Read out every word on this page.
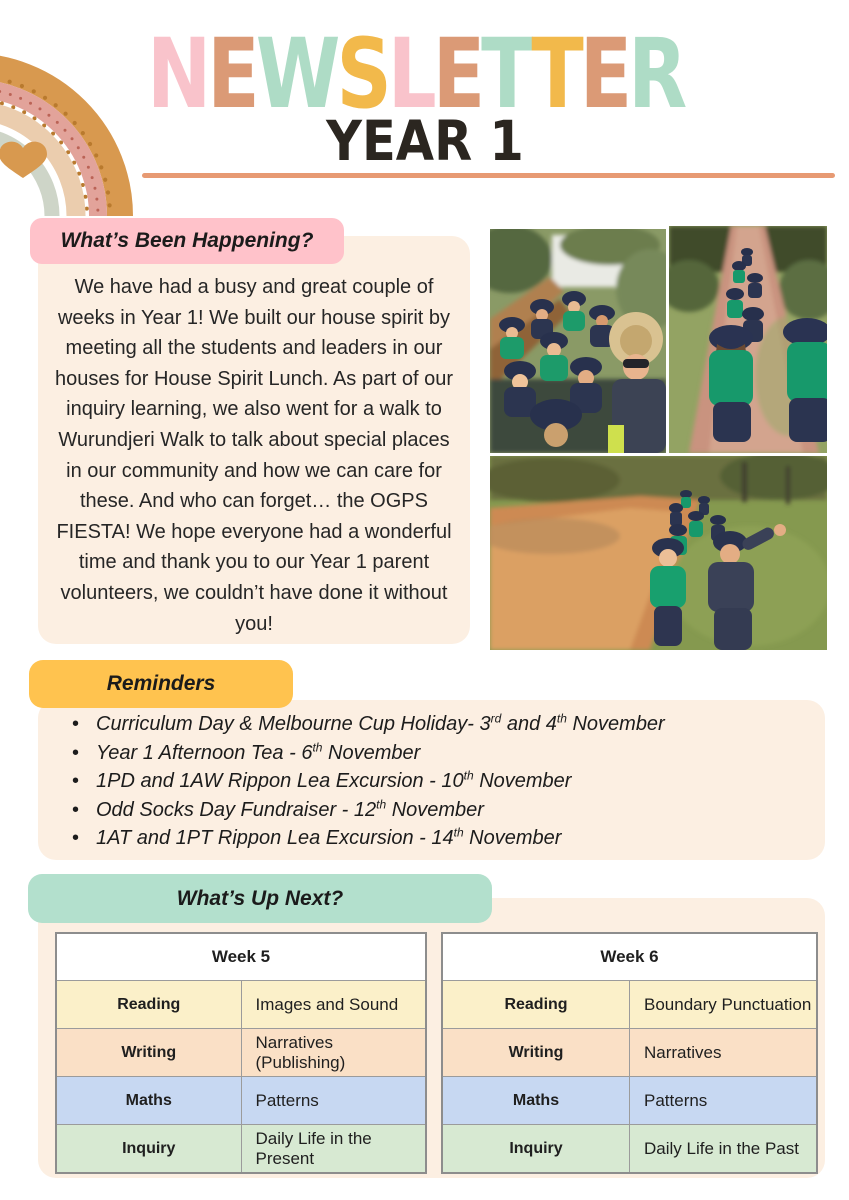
NEWSLETTER
YEAR 1

We have had a busy and great couple of weeks in Year 1! We built our house spirit by meeting all the students and leaders in our houses for House Spirit Lunch. As part of our inquiry learning, we also went for a walk to Wurundjeri Walk to talk about special places in our community and how we can care for these. And who can forget… the OGPS FIESTA! We hope everyone had a wonderful time and thank you to our Year 1 parent volunteers, we couldn’t have done it without you!

What’s Been Happening?
Reminders
• Curriculum Day & Melbourne Cup Holiday- 3rd and 4th November
• Year 1 Afternoon Tea - 6th November
• 1PD and 1AW Rippon Lea Excursion - 10th November
• Odd Socks Day Fundraiser - 12th November
• 1AT and 1PT Rippon Lea Excursion - 14th November
What’s Up Next?
Week 5	
Reading	Images and Sound
Writing	Narratives (Publishing)
Maths	Patterns
Inquiry	Daily Life in the Present
Week 6	
Reading	Boundary Punctuation
Writing	Narratives
Maths	Patterns
Inquiry	Daily Life in the Past
